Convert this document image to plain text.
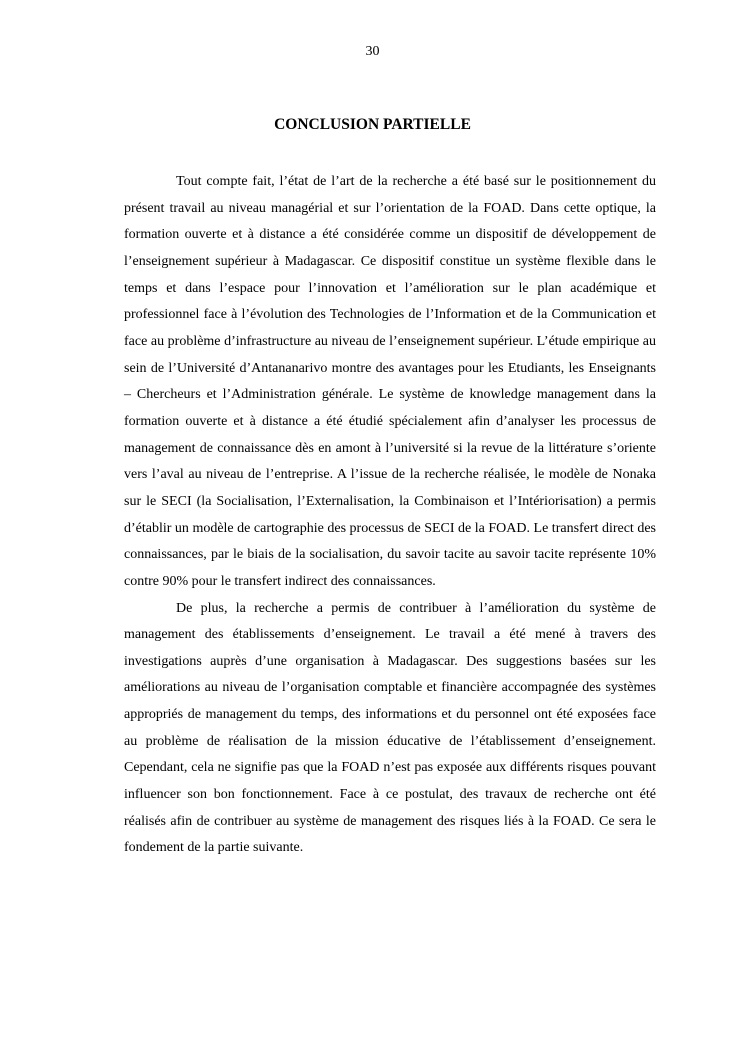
30
CONCLUSION PARTIELLE

Tout compte fait, l’état de l’art de la recherche a été basé sur le positionnement du présent travail au niveau managérial et sur l’orientation de la FOAD. Dans cette optique, la formation ouverte et à distance a été considérée comme un dispositif de développement de l’enseignement supérieur à Madagascar. Ce dispositif constitue un système flexible dans le temps et dans l’espace pour l’innovation et l’amélioration sur le plan académique et professionnel face à l’évolution des Technologies de l’Information et de la Communication et face au problème d’infrastructure au niveau de l’enseignement supérieur. L’étude empirique au sein de l’Université d’Antananarivo montre des avantages pour les Etudiants, les Enseignants – Chercheurs et l’Administration générale. Le système de knowledge management dans la formation ouverte et à distance a été étudié spécialement afin d’analyser les processus de management de connaissance dès en amont à l’université si la revue de la littérature s’oriente vers l’aval au niveau de l’entreprise. A l’issue de la recherche réalisée, le modèle de Nonaka sur le SECI (la Socialisation, l’Externalisation, la Combinaison et l’Intériorisation) a permis d’établir un modèle de cartographie des processus de SECI de la FOAD. Le transfert direct des connaissances, par le biais de la socialisation, du savoir tacite au savoir tacite représente 10% contre 90% pour le transfert indirect des connaissances.

De plus, la recherche a permis de contribuer à l’amélioration du système de management des établissements d’enseignement. Le travail a été mené à travers des investigations auprès d’une organisation à Madagascar. Des suggestions basées sur les améliorations au niveau de l’organisation comptable et financière accompagnée des systèmes appropriés de management du temps, des informations et du personnel ont été exposées face au problème de réalisation de la mission éducative de l’établissement d’enseignement. Cependant, cela ne signifie pas que la FOAD n’est pas exposée aux différents risques pouvant influencer son bon fonctionnement. Face à ce postulat, des travaux de recherche ont été réalisés afin de contribuer au système de management des risques liés à la FOAD. Ce sera le fondement de la partie suivante.
